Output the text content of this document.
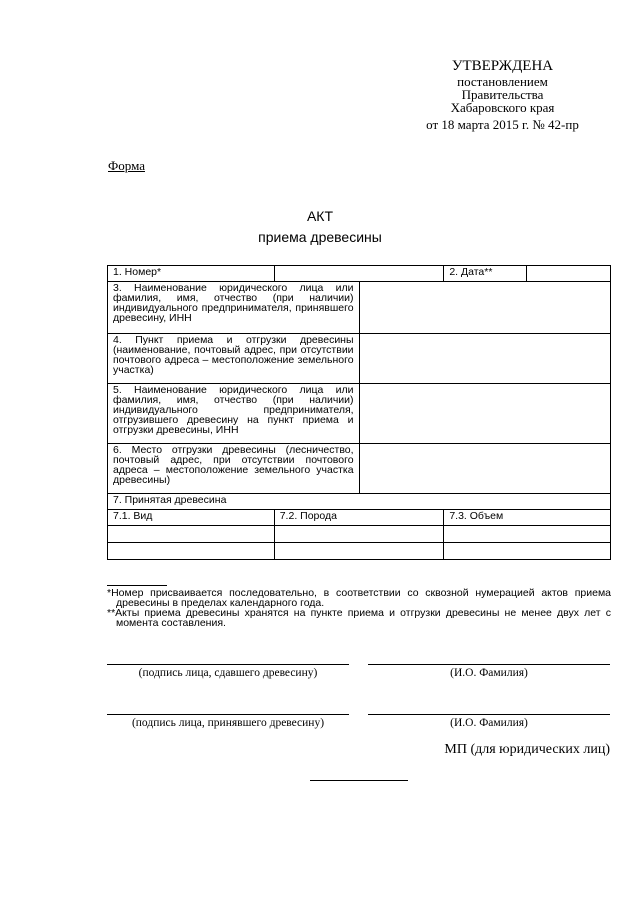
УТВЕРЖДЕНА
постановлением
Правительства
Хабаровского края
от 18 марта 2015 г. № 42-пр
Форма
АКТ
приема древесины
1. Номер*			2. Дата**	
3. Наименование юридического лица или фамилия, имя, отчество (при наличии) индивидуального предпринимателя, принявшего древесину, ИНН				
4. Пункт приема и отгрузки древесины (наименование, почтовый адрес, при отсутствии почтового адреса – местоположение земельного участка)				
5. Наименование юридического лица или фамилия, имя, отчество (при наличии) индивидуального предпринимателя, отгрузившего древесину на пункт приема и отгрузки древесины, ИНН				
6. Место отгрузки древесины (лесничество, почтовый адрес, при отсутствии почтового адреса – местоположение земельного участка древесины)				
7. Принятая древесина				
7.1. Вид	7.2. Порода		7.3. Объем	

*Номер присваивается последовательно, в соответствии со сквозной нумерацией актов приема древесины в пределах календарного года.

**Акты приема древесины хранятся на пункте приема и отгрузки древесины не менее двух лет с момента составления.

(подпись лица, сдавшего древесину)	(И.О. Фамилия)
(подпись лица, принявшего древесину)	(И.О. Фамилия)
МП (для юридических лиц)
